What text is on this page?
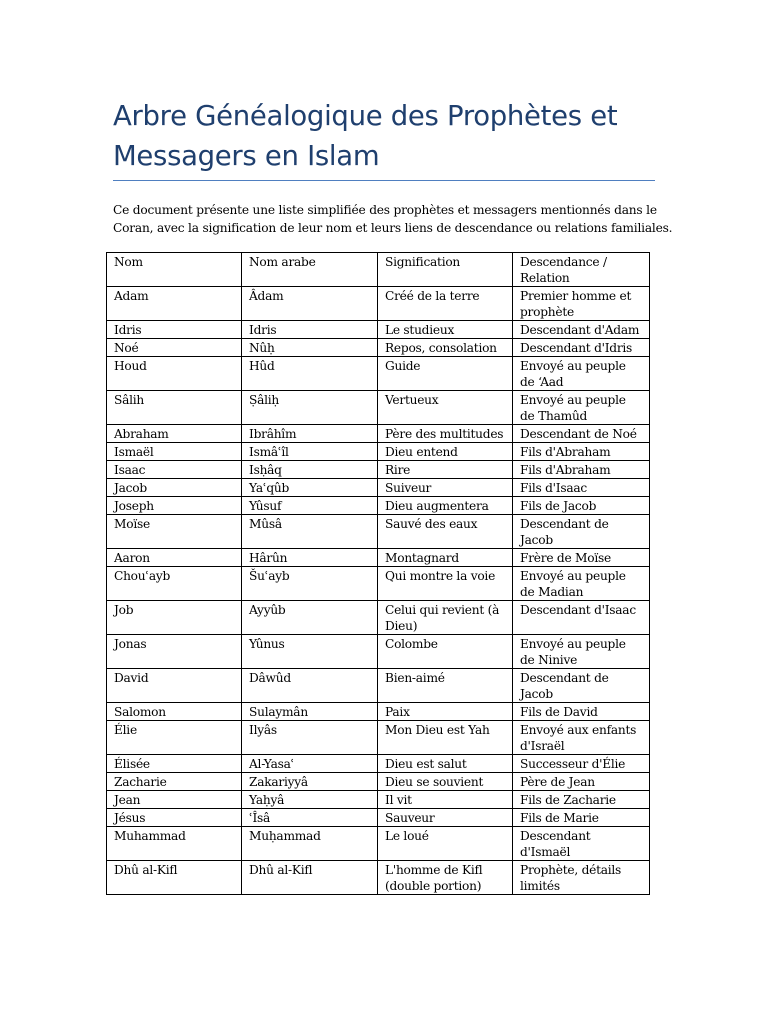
Arbre Généalogique des Prophètes et Messagers en Islam
Ce document présente une liste simplifiée des prophètes et messagers mentionnés dans le Coran, avec la signification de leur nom et leurs liens de descendance ou relations familiales.
Nom	Nom arabe	Signification	Descendance / Relation
Adam	Âdam	Créé de la terre	Premier homme et prophète
Idris	Idris	Le studieux	Descendant d'Adam
Noé	Nûḥ	Repos, consolation	Descendant d'Idris
Houd	Hûd	Guide	Envoyé au peuple de ‘Aad
Sâlih	Ṣâliḥ	Vertueux	Envoyé au peuple de Thamûd
Abraham	Ibrâhîm	Père des multitudes	Descendant de Noé
Ismaël	Ismâʿîl	Dieu entend	Fils d'Abraham
Isaac	Isḥâq	Rire	Fils d'Abraham
Jacob	Yaʿqûb	Suiveur	Fils d'Isaac
Joseph	Yûsuf	Dieu augmentera	Fils de Jacob
Moïse	Mûsâ	Sauvé des eaux	Descendant de Jacob
Aaron	Hârûn	Montagnard	Frère de Moïse
Chouʿayb	Šuʿayb	Qui montre la voie	Envoyé au peuple de Madian
Job	Ayyûb	Celui qui revient (à Dieu)	Descendant d'Isaac
Jonas	Yûnus	Colombe	Envoyé au peuple de Ninive
David	Dâwûd	Bien-aimé	Descendant de Jacob
Salomon	Sulaymân	Paix	Fils de David
Élie	Ilyâs	Mon Dieu est Yah	Envoyé aux enfants d'Israël
Élisée	Al-Yasaʿ	Dieu est salut	Successeur d'Élie
Zacharie	Zakariyyâ	Dieu se souvient	Père de Jean
Jean	Yaḥyâ	Il vit	Fils de Zacharie
Jésus	ʿÎsâ	Sauveur	Fils de Marie
Muhammad	Muḥammad	Le loué	Descendant d'Ismaël
Dhû al-Kifl	Dhû al-Kifl	L'homme de Kifl (double portion)	Prophète, détails limités
